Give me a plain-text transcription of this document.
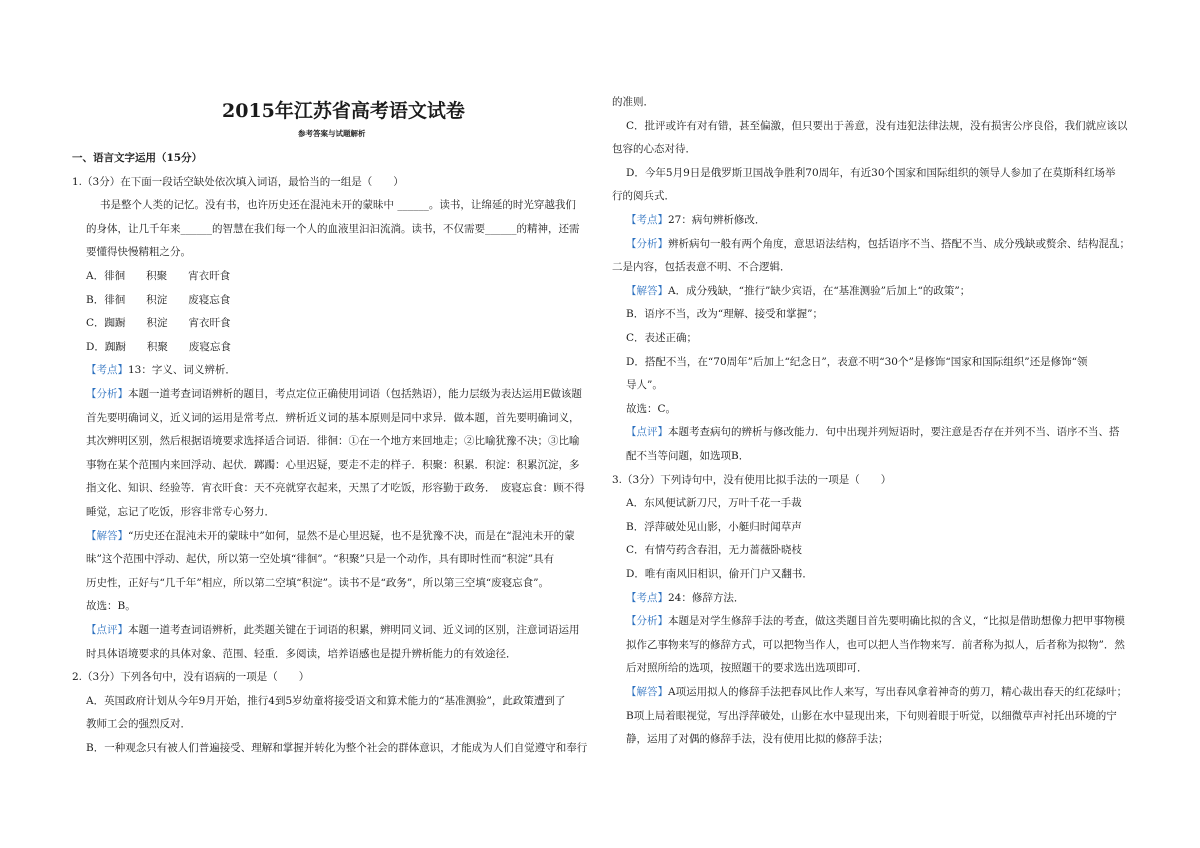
2015年江苏省高考语文试卷
参考答案与试题解析
一、语言文字运用（15分）
1.（3分）在下面一段话空缺处依次填入词语，最恰当的一组是（　　）
书是整个人类的记忆。没有书，也许历史还在混沌未开的蒙昧中 ______。读书，让绵延的时光穿越我们
的身体，让几千年来______的智慧在我们每一个人的血液里汩汩流淌。读书，不仅需要______的精神，还需
要懂得快慢精粗之分。
A．徘徊　　积聚　　宵衣旰食
B．徘徊　　积淀　　废寝忘食
C．踟蹰　　积淀　　宵衣旰食
D．踟蹰　　积聚　　废寝忘食
【考点】13：字义、词义辨析．
【分析】本题一道考查词语辨析的题目，考点定位正确使用词语（包括熟语），能力层级为表达运用E做该题
首先要明确词义，近义词的运用是常考点．辨析近义词的基本原则是同中求异．做本题，首先要明确词义，
其次辨明区别，然后根据语境要求选择适合词语．徘徊：①在一个地方来回地走；②比喻犹豫不决；③比喻
事物在某个范围内来回浮动、起伏．踯躅：心里迟疑，要走不走的样子．积聚：积累．积淀：积累沉淀，多
指文化、知识、经验等．宵衣旰食：天不亮就穿衣起来，天黑了才吃饭，形容勤于政务．　废寝忘食：顾不得
睡觉，忘记了吃饭，形容非常专心努力．
【解答】“历史还在混沌未开的蒙昧中”如何，显然不是心里迟疑，也不是犹豫不决，而是在“混沌未开的蒙
昧”这个范围中浮动、起伏，所以第一空处填“徘徊”。“积聚”只是一个动作，具有即时性而“积淀”具有
历史性，正好与“几千年”相应，所以第二空填“积淀”。读书不是“政务”，所以第三空填“废寝忘食”。
故选：B。
【点评】本题一道考查词语辨析，此类题关键在于词语的积累，辨明同义词、近义词的区别，注意词语运用
时具体语境要求的具体对象、范围、轻重．多阅读，培养语感也是提升辨析能力的有效途径．
2.（3分）下列各句中，没有语病的一项是（　　）
A．英国政府计划从今年9月开始，推行4到5岁幼童将接受语文和算术能力的“基准测验”，此政策遭到了
教师工会的强烈反对．
B．一种观念只有被人们普遍接受、理解和掌握并转化为整个社会的群体意识，才能成为人们自觉遵守和奉行
的准则．
C．批评或许有对有错，甚至偏激，但只要出于善意，没有违犯法律法规，没有损害公序良俗，我们就应该以
包容的心态对待．
D．今年5月9日是俄罗斯卫国战争胜利70周年，有近30个国家和国际组织的领导人参加了在莫斯科红场举
行的阅兵式．
【考点】27：病句辨析修改．
【分析】辨析病句一般有两个角度，意思语法结构，包括语序不当、搭配不当、成分残缺或赘余、结构混乱；
二是内容，包括表意不明、不合逻辑．
【解答】A．成分残缺，“推行”缺少宾语，在“基准测验”后加上“的政策”；
B．语序不当，改为“理解、接受和掌握”；
C．表述正确；
D．搭配不当，在“70周年”后加上“纪念日”，表意不明“30个”是修饰“国家和国际组织”还是修饰“领
导人”。
故选：C。
【点评】本题考查病句的辨析与修改能力．句中出现并列短语时，要注意是否存在并列不当、语序不当、搭
配不当等问题，如选项B．
3.（3分）下列诗句中，没有使用比拟手法的一项是（　　）
A．东风便试新刀尺，万叶千花一手裁
B．浮萍破处见山影，小艇归时闻草声
C．有情芍药含春泪，无力蔷薇卧晓枝
D．唯有南风旧相识，偷开门户又翻书．
【考点】24：修辞方法．
【分析】本题是对学生修辞手法的考查，做这类题目首先要明确比拟的含义，“比拟是借助想像力把甲事物模
拟作乙事物来写的修辞方式，可以把物当作人，也可以把人当作物来写．前者称为拟人，后者称为拟物”．然
后对照所给的选项，按照题干的要求选出选项即可．
【解答】A项运用拟人的修辞手法把春风比作人来写，写出春风拿着神奇的剪刀，精心裁出春天的红花绿叶；
B项上局着眼视觉，写出浮萍破处，山影在水中显现出来，下句则着眼于听觉，以细微草声衬托出环境的宁
静，运用了对偶的修辞手法，没有使用比拟的修辞手法；
